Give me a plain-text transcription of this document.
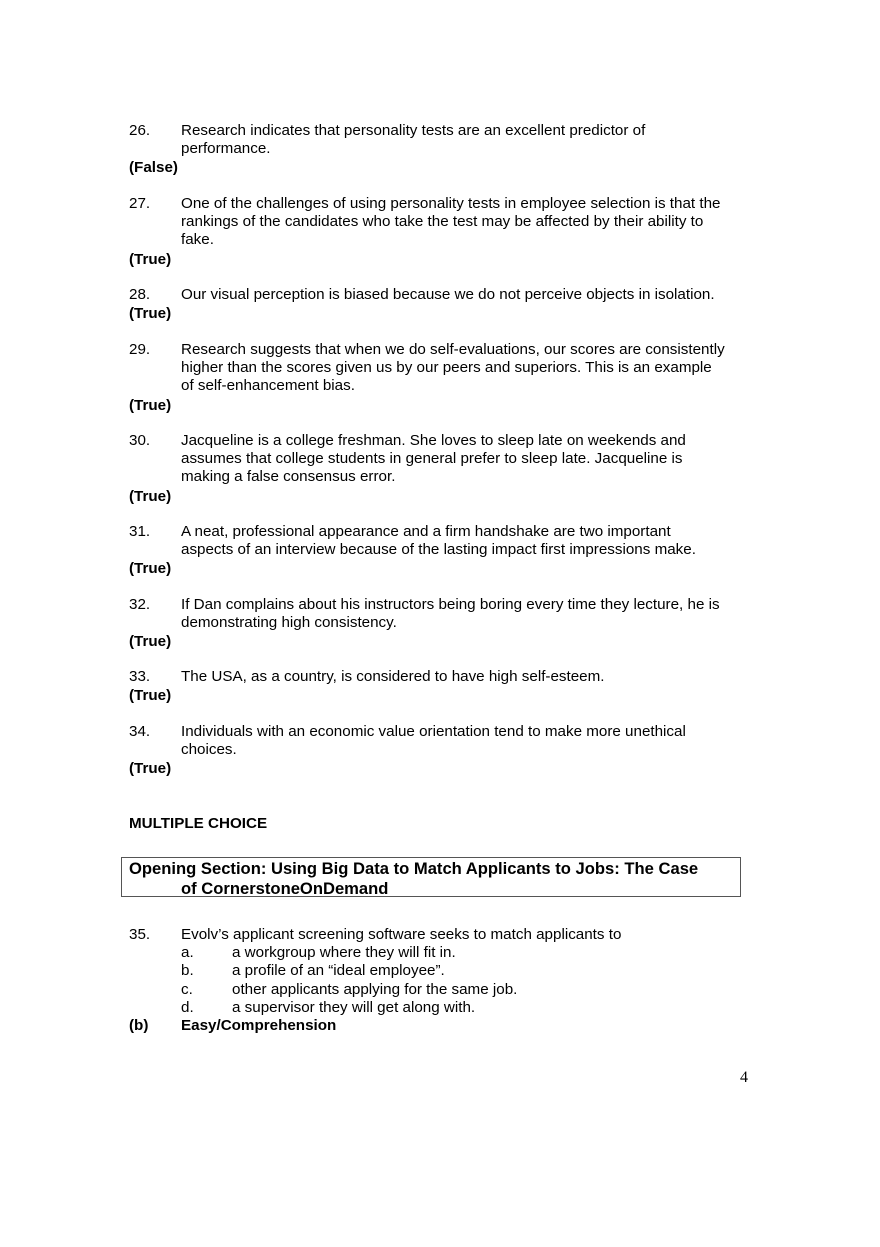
26. Research indicates that personality tests are an excellent predictor of
performance.
(False)
27. One of the challenges of using personality tests in employee selection is that the
rankings of the candidates who take the test may be affected by their ability to
fake.
(True)
28. Our visual perception is biased because we do not perceive objects in isolation.
(True)
29. Research suggests that when we do self-evaluations, our scores are consistently
higher than the scores given us by our peers and superiors. This is an example
of self-enhancement bias.
(True)
30. Jacqueline is a college freshman. She loves to sleep late on weekends and
assumes that college students in general prefer to sleep late. Jacqueline is
making a false consensus error.
(True)
31. A neat, professional appearance and a firm handshake are two important
aspects of an interview because of the lasting impact first impressions make.
(True)
32. If Dan complains about his instructors being boring every time they lecture, he is
demonstrating high consistency.
(True)
33. The USA, as a country, is considered to have high self-esteem.
(True)
34. Individuals with an economic value orientation tend to make more unethical
choices.
(True)
MULTIPLE CHOICE
Opening Section: Using Big Data to Match Applicants to Jobs: The Case
of CornerstoneOnDemand
35. Evolv’s applicant screening software seeks to match applicants to
a.	a workgroup where they will fit in.
b.	a profile of an “ideal employee”.
c.	other applicants applying for the same job.
d.	a supervisor they will get along with.
(b) Easy/Comprehension
4
